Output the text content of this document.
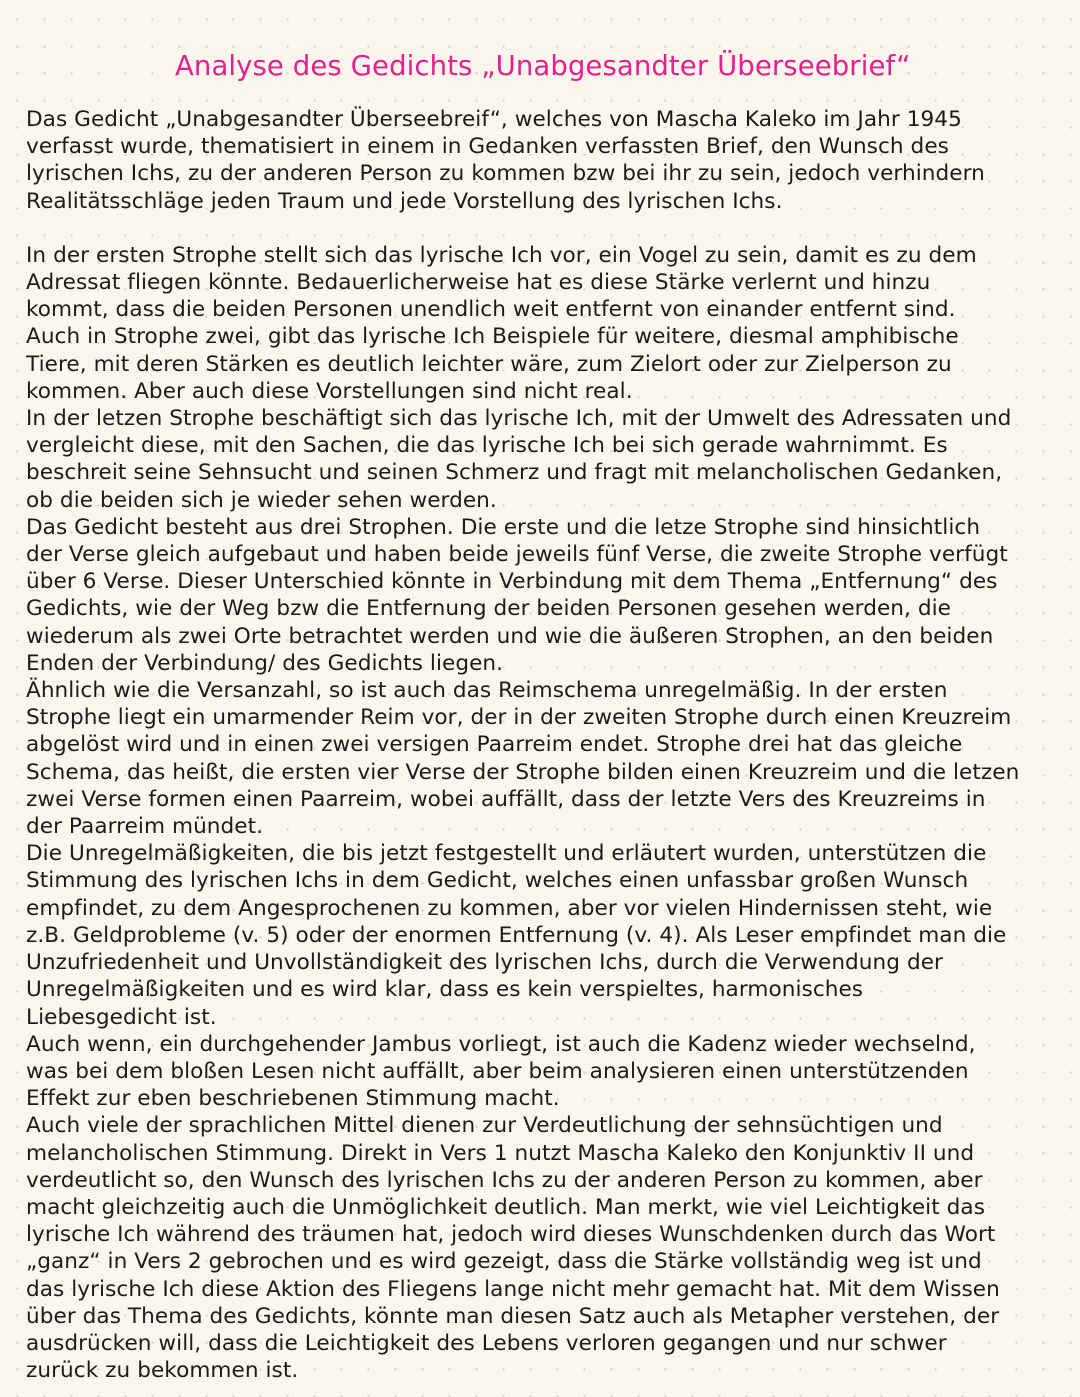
Analyse des Gedichts „Unabgesandter Überseebrief“
Das Gedicht „Unabgesandter Überseebreif“, welches von Mascha Kaleko im Jahr 1945
verfasst wurde, thematisiert in einem in Gedanken verfassten Brief, den Wunsch des
lyrischen Ichs, zu der anderen Person zu kommen bzw bei ihr zu sein, jedoch verhindern
Realitätsschläge jeden Traum und jede Vorstellung des lyrischen Ichs.
In der ersten Strophe stellt sich das lyrische Ich vor, ein Vogel zu sein, damit es zu dem
Adressat fliegen könnte. Bedauerlicherweise hat es diese Stärke verlernt und hinzu
kommt, dass die beiden Personen unendlich weit entfernt von einander entfernt sind.
Auch in Strophe zwei, gibt das lyrische Ich Beispiele für weitere, diesmal amphibische
Tiere, mit deren Stärken es deutlich leichter wäre, zum Zielort oder zur Zielperson zu
kommen. Aber auch diese Vorstellungen sind nicht real.
In der letzen Strophe beschäftigt sich das lyrische Ich, mit der Umwelt des Adressaten und
vergleicht diese, mit den Sachen, die das lyrische Ich bei sich gerade wahrnimmt. Es
beschreit seine Sehnsucht und seinen Schmerz und fragt mit melancholischen Gedanken,
ob die beiden sich je wieder sehen werden.
Das Gedicht besteht aus drei Strophen. Die erste und die letze Strophe sind hinsichtlich
der Verse gleich aufgebaut und haben beide jeweils fünf Verse, die zweite Strophe verfügt
über 6 Verse. Dieser Unterschied könnte in Verbindung mit dem Thema „Entfernung“ des
Gedichts, wie der Weg bzw die Entfernung der beiden Personen gesehen werden, die
wiederum als zwei Orte betrachtet werden und wie die äußeren Strophen, an den beiden
Enden der Verbindung/ des Gedichts liegen.
Ähnlich wie die Versanzahl, so ist auch das Reimschema unregelmäßig. In der ersten
Strophe liegt ein umarmender Reim vor, der in der zweiten Strophe durch einen Kreuzreim
abgelöst wird und in einen zwei versigen Paarreim endet. Strophe drei hat das gleiche
Schema, das heißt, die ersten vier Verse der Strophe bilden einen Kreuzreim und die letzen
zwei Verse formen einen Paarreim, wobei auffällt, dass der letzte Vers des Kreuzreims in
der Paarreim mündet.
Die Unregelmäßigkeiten, die bis jetzt festgestellt und erläutert wurden, unterstützen die
Stimmung des lyrischen Ichs in dem Gedicht, welches einen unfassbar großen Wunsch
empfindet, zu dem Angesprochenen zu kommen, aber vor vielen Hindernissen steht, wie
z.B. Geldprobleme (v. 5) oder der enormen Entfernung (v. 4). Als Leser empfindet man die
Unzufriedenheit und Unvollständigkeit des lyrischen Ichs, durch die Verwendung der
Unregelmäßigkeiten und es wird klar, dass es kein verspieltes, harmonisches
Liebesgedicht ist.
Auch wenn, ein durchgehender Jambus vorliegt, ist auch die Kadenz wieder wechselnd,
was bei dem bloßen Lesen nicht auffällt, aber beim analysieren einen unterstützenden
Effekt zur eben beschriebenen Stimmung macht.
Auch viele der sprachlichen Mittel dienen zur Verdeutlichung der sehnsüchtigen und
melancholischen Stimmung. Direkt in Vers 1 nutzt Mascha Kaleko den Konjunktiv II und
verdeutlicht so, den Wunsch des lyrischen Ichs zu der anderen Person zu kommen, aber
macht gleichzeitig auch die Unmöglichkeit deutlich. Man merkt, wie viel Leichtigkeit das
lyrische Ich während des träumen hat, jedoch wird dieses Wunschdenken durch das Wort
„ganz“ in Vers 2 gebrochen und es wird gezeigt, dass die Stärke vollständig weg ist und
das lyrische Ich diese Aktion des Fliegens lange nicht mehr gemacht hat. Mit dem Wissen
über das Thema des Gedichts, könnte man diesen Satz auch als Metapher verstehen, der
ausdrücken will, dass die Leichtigkeit des Lebens verloren gegangen und nur schwer
zurück zu bekommen ist.
